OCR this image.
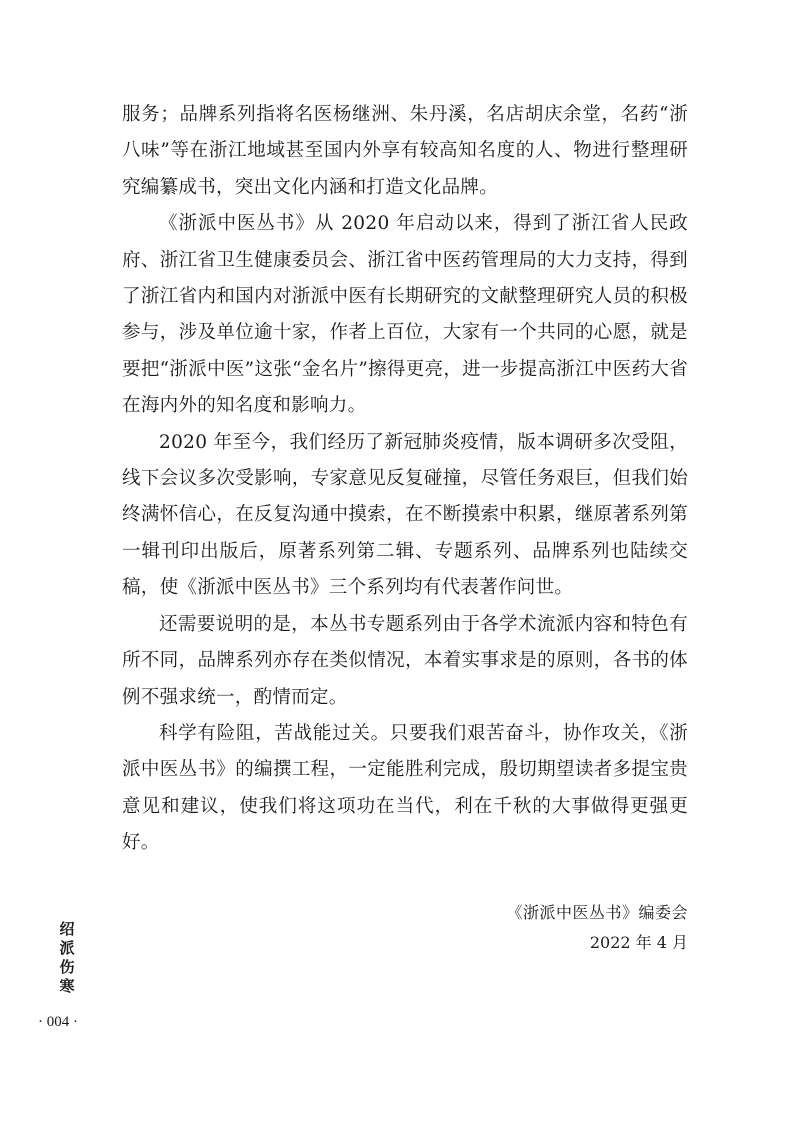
服务；品牌系列指将名医杨继洲、朱丹溪，名店胡庆余堂，名药“浙八味”等在浙江地域甚至国内外享有较高知名度的人、物进行整理研究编纂成书，突出文化内涵和打造文化品牌。

《浙派中医丛书》从 2020 年启动以来，得到了浙江省人民政府、浙江省卫生健康委员会、浙江省中医药管理局的大力支持，得到了浙江省内和国内对浙派中医有长期研究的文献整理研究人员的积极参与，涉及单位逾十家，作者上百位，大家有一个共同的心愿，就是要把“浙派中医”这张“金名片”擦得更亮，进一步提高浙江中医药大省在海内外的知名度和影响力。

2020 年至今，我们经历了新冠肺炎疫情，版本调研多次受阻，线下会议多次受影响，专家意见反复碰撞，尽管任务艰巨，但我们始终满怀信心，在反复沟通中摸索，在不断摸索中积累，继原著系列第一辑刊印出版后，原著系列第二辑、专题系列、品牌系列也陆续交稿，使《浙派中医丛书》三个系列均有代表著作问世。

还需要说明的是，本丛书专题系列由于各学术流派内容和特色有所不同，品牌系列亦存在类似情况，本着实事求是的原则，各书的体例不强求统一，酌情而定。

科学有险阻，苦战能过关。只要我们艰苦奋斗，协作攻关，《浙派中医丛书》的编撰工程，一定能胜利完成，殷切期望读者多提宝贵意见和建议，使我们将这项功在当代，利在千秋的大事做得更强更好。

《浙派中医丛书》编委会
2022 年 4 月
绍
派
伤
寒
· 004 ·
